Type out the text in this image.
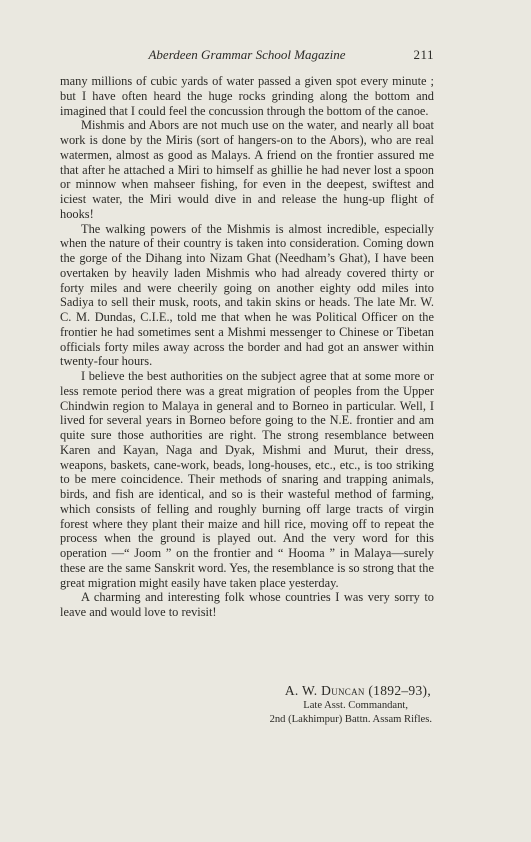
Aberdeen Grammar School Magazine	211

many millions of cubic yards of water passed a given spot every minute ; but I have often heard the huge rocks grinding along the bottom and imagined that I could feel the concussion through the bottom of the canoe.

Mishmis and Abors are not much use on the water, and nearly all boat work is done by the Miris (sort of hangers-on to the Abors), who are real watermen, almost as good as Malays. A friend on the frontier assured me that after he attached a Miri to himself as ghillie he had never lost a spoon or minnow when mahseer fishing, for even in the deepest, swiftest and iciest water, the Miri would dive in and release the hung-up flight of hooks!

The walking powers of the Mishmis is almost incredible, especially when the nature of their country is taken into consideration. Coming down the gorge of the Dihang into Nizam Ghat (Needham’s Ghat), I have been overtaken by heavily laden Mishmis who had already covered thirty or forty miles and were cheerily going on another eighty odd miles into Sadiya to sell their musk, roots, and takin skins or heads. The late Mr. W. C. M. Dundas, C.I.E., told me that when he was Political Officer on the frontier he had sometimes sent a Mishmi messenger to Chinese or Tibetan officials forty miles away across the border and had got an answer within twenty-four hours.

I believe the best authorities on the subject agree that at some more or less remote period there was a great migration of peoples from the Upper Chindwin region to Malaya in general and to Borneo in particular. Well, I lived for several years in Borneo before going to the N.E. frontier and am quite sure those authorities are right. The strong resemblance between Karen and Kayan, Naga and Dyak, Mishmi and Murut, their dress, weapons, baskets, cane-work, beads, long-houses, etc., etc., is too striking to be mere coincidence. Their methods of snaring and trapping animals, birds, and fish are identical, and so is their wasteful method of farming, which consists of felling and roughly burning off large tracts of virgin forest where they plant their maize and hill rice, moving off to repeat the process when the ground is played out. And the very word for this operation —“ Joom ” on the frontier and “ Hooma ” in Malaya—surely these are the same Sanskrit word. Yes, the resemblance is so strong that the great migration might easily have taken place yesterday.

A charming and interesting folk whose countries I was very sorry to leave and would love to revisit!

A. W. Duncan (1892–93),
Late Asst. Commandant,
2nd (Lakhimpur) Battn. Assam Rifles.
